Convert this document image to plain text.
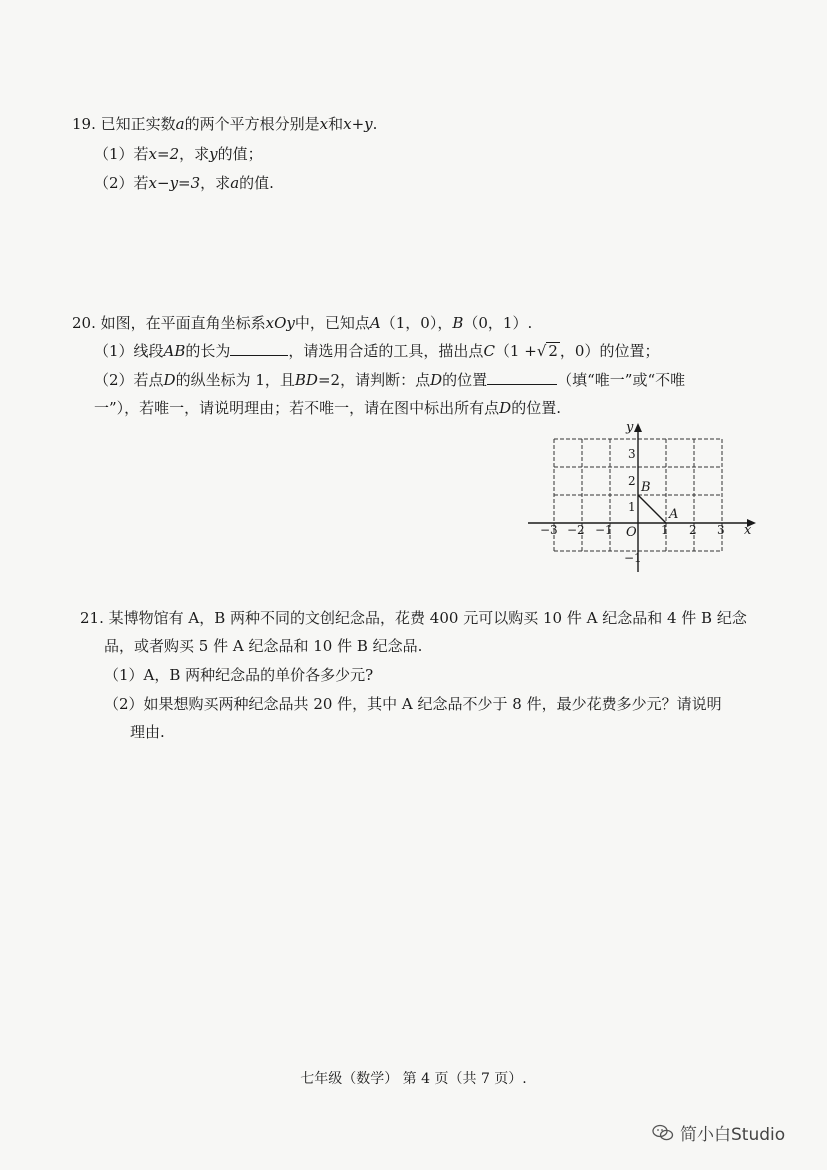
19. 已知正实数a的两个平方根分别是x和x+y.
（1）若x=2，求y的值；
（2）若x−y=3，求a的值.
20. 如图，在平面直角坐标系xOy中，已知点A（1，0），B（0，1）.
（1）线段AB的长为	，请选用合适的工具，描出点C（1 +√ 2 ，0）的位置；
（2）若点D的纵坐标为 1，且BD=2，请判断：点D的位置	（填“唯一”或“不唯
一”），若唯一，请说明理由；若不唯一，请在图中标出所有点D的位置.
x
y
O
−3 −2 −1	1 2 3
3
2
1
−1
A
B
21. 某博物馆有 A，B 两种不同的文创纪念品，花费 400 元可以购买 10 件 A 纪念品和 4 件 B 纪念
品，或者购买 5 件 A 纪念品和 10 件 B 纪念品.
（1）A，B 两种纪念品的单价各多少元?
（2）如果想购买两种纪念品共 20 件，其中 A 纪念品不少于 8 件，最少花费多少元？请说明
理由.
七年级（数学） 第 4 页（共 7 页）.
简小白Studio
